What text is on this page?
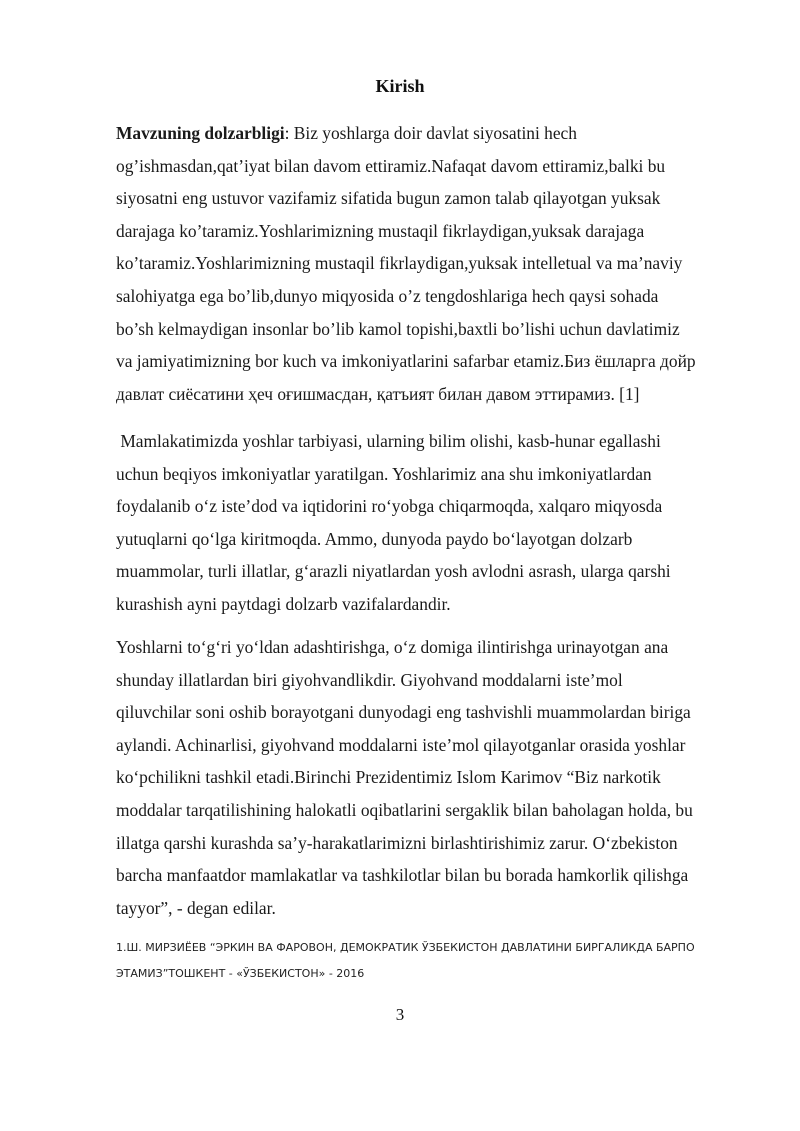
Kirish

Mavzuning dolzarbligi: Biz yoshlarga doir davlat siyosatini hech
og’ishmasdan,qat’iyat bilan davom ettiramiz.Nafaqat davom ettiramiz,balki bu
siyosatni eng ustuvor vazifamiz sifatida bugun zamon talab qilayotgan yuksak
darajaga ko’taramiz.Yoshlarimizning mustaqil fikrlaydigan,yuksak darajaga
ko’taramiz.Yoshlarimizning mustaqil fikrlaydigan,yuksak intelletual va ma’naviy
salohiyatga ega bo’lib,dunyo miqyosida o’z tengdoshlariga hech qaysi sohada
bo’sh kelmaydigan insonlar bo’lib kamol topishi,baxtli bo’lishi uchun davlatimiz
va jamiyatimizning bor kuch va imkoniyatlarini safarbar etamiz.Биз ёшларга дойр
давлат сиёсатини ҳеч оғишмасдан, қатъият билан давом эттирамиз. [1]

Mamlakatimizda yoshlar tarbiyasi, ularning bilim olishi, kasb-hunar egallashi
uchun beqiyos imkoniyatlar yaratilgan. Yoshlarimiz ana shu imkoniyatlardan
foydalanib oʻz isteʼdod va iqtidorini roʻyobga chiqarmoqda, xalqaro miqyosda
yutuqlarni qoʻlga kiritmoqda. Ammo, dunyoda paydo boʻlayotgan dolzarb
muammolar, turli illatlar, gʻarazli niyatlardan yosh avlodni asrash, ularga qarshi
kurashish ayni paytdagi dolzarb vazifalardandir.

Yoshlarni toʻgʻri yoʻldan adashtirishga, oʻz domiga ilintirishga urinayotgan ana
shunday illatlardan biri giyohvandlikdir. Giyohvand moddalarni isteʼmol
qiluvchilar soni oshib borayotgani dunyodagi eng tashvishli muammolardan biriga
aylandi. Achinarlisi, giyohvand moddalarni isteʼmol qilayotganlar orasida yoshlar
koʻpchilikni tashkil etadi.Birinchi Prezidentimiz Islom Karimov “Biz narkotik
moddalar tarqatilishining halokatli oqibatlarini sergaklik bilan baholagan holda, bu
illatga qarshi kurashda saʼy-harakatlarimizni birlashtirishimiz zarur. Oʻzbekiston
barcha manfaatdor mamlakatlar va tashkilotlar bilan bu borada hamkorlik qilishga
tayyor”, - degan edilar.

1.Ш. МИРЗИЁЕВ “ЭРКИН ВА ФАРОВОН, ДЕМОКРАТИК ЎЗБЕКИСТОН ДАВЛАТИНИ БИРГАЛИКДА БАРПО
ЭТАМИЗ”ТОШКЕНТ - «ЎЗБЕКИСТОН» - 2016
3
